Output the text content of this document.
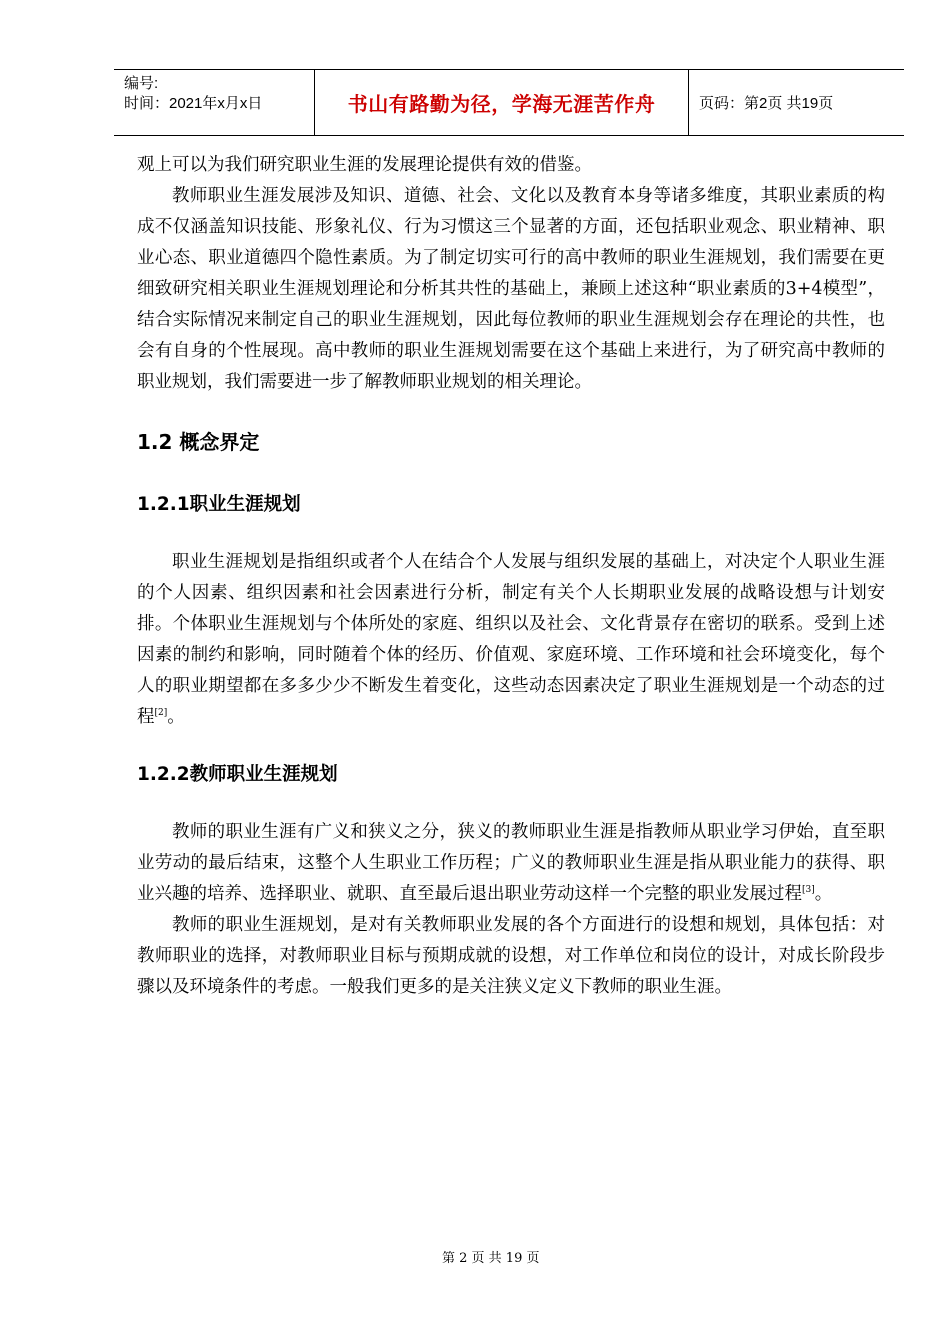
编号:
时间：2021年x月x日	书山有路勤为径，学海无涯苦作舟	页码：第2页 共19页

观上可以为我们研究职业生涯的发展理论提供有效的借鉴。

教师职业生涯发展涉及知识、道德、社会、文化以及教育本身等诸多维度，其职业素质的构成不仅涵盖知识技能、形象礼仪、行为习惯这三个显著的方面，还包括职业观念、职业精神、职业心态、职业道德四个隐性素质。为了制定切实可行的高中教师的职业生涯规划，我们需要在更细致研究相关职业生涯规划理论和分析其共性的基础上，兼顾上述这种“职业素质的3+4模型”，结合实际情况来制定自己的职业生涯规划，因此每位教师的职业生涯规划会存在理论的共性，也会有自身的个性展现。高中教师的职业生涯规划需要在这个基础上来进行，为了研究高中教师的职业规划，我们需要进一步了解教师职业规划的相关理论。

1.2 概念界定
1.2.1职业生涯规划

职业生涯规划是指组织或者个人在结合个人发展与组织发展的基础上，对决定个人职业生涯的个人因素、组织因素和社会因素进行分析，制定有关个人长期职业发展的战略设想与计划安排。个体职业生涯规划与个体所处的家庭、组织以及社会、文化背景存在密切的联系。受到上述因素的制约和影响，同时随着个体的经历、价值观、家庭环境、工作环境和社会环境变化，每个人的职业期望都在多多少少不断发生着变化，这些动态因素决定了职业生涯规划是一个动态的过程[2]。

1.2.2教师职业生涯规划

教师的职业生涯有广义和狭义之分，狭义的教师职业生涯是指教师从职业学习伊始，直至职业劳动的最后结束，这整个人生职业工作历程；广义的教师职业生涯是指从职业能力的获得、职业兴趣的培养、选择职业、就职、直至最后退出职业劳动这样一个完整的职业发展过程[3]。

教师的职业生涯规划，是对有关教师职业发展的各个方面进行的设想和规划，具体包括：对教师职业的选择，对教师职业目标与预期成就的设想，对工作单位和岗位的设计，对成长阶段步骤以及环境条件的考虑。一般我们更多的是关注狭义定义下教师的职业生涯。

第 2 页 共 19 页
